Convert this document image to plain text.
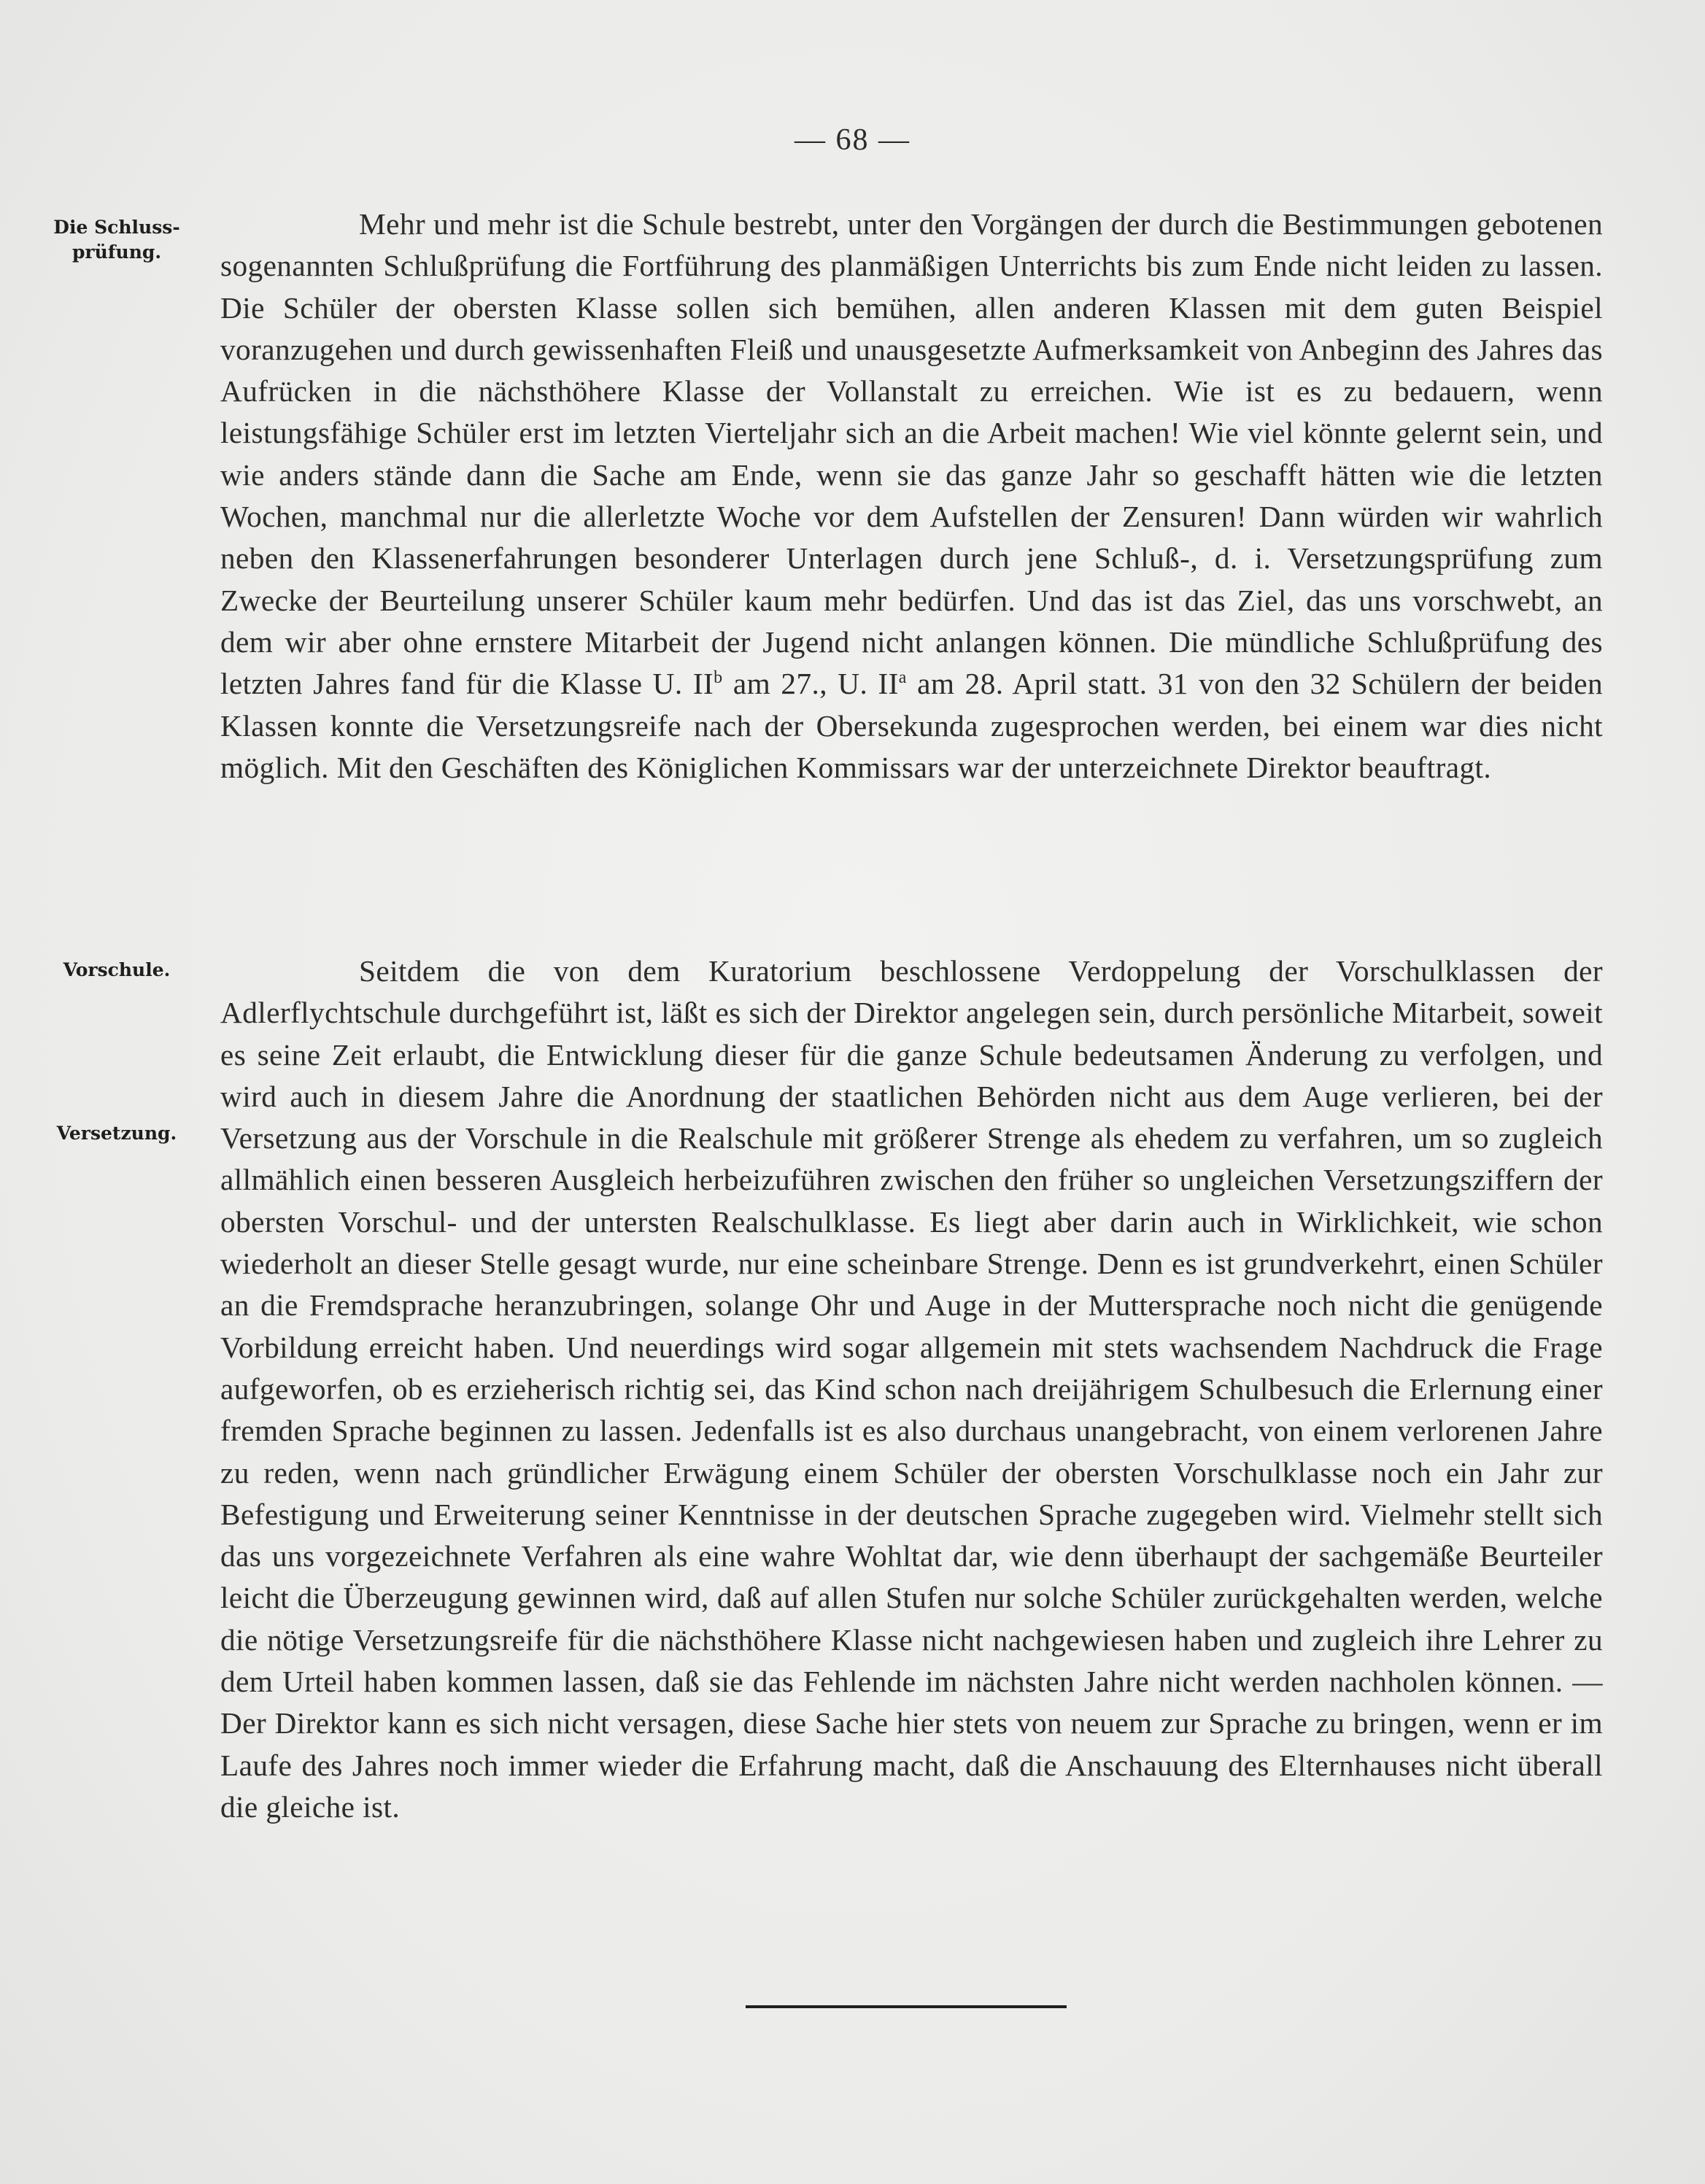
— 68 —
Die Schluss-
prüfung.
Vorschule.
Versetzung.

Mehr und mehr ist die Schule bestrebt, unter den Vorgängen der durch die Bestimmungen gebotenen sogenannten Schlußprüfung die Fortführung des planmäßigen Unterrichts bis zum Ende nicht leiden zu lassen. Die Schüler der obersten Klasse sollen sich bemühen, allen anderen Klassen mit dem guten Beispiel voranzugehen und durch gewissenhaften Fleiß und unausgesetzte Aufmerksamkeit von Anbeginn des Jahres das Aufrücken in die nächsthöhere Klasse der Vollanstalt zu erreichen. Wie ist es zu bedauern, wenn leistungsfähige Schüler erst im letzten Vierteljahr sich an die Arbeit machen! Wie viel könnte gelernt sein, und wie anders stände dann die Sache am Ende, wenn sie das ganze Jahr so geschafft hätten wie die letzten Wochen, manchmal nur die allerletzte Woche vor dem Aufstellen der Zensuren! Dann würden wir wahrlich neben den Klassenerfahrungen besonderer Unterlagen durch jene Schluß-, d. i. Versetzungsprüfung zum Zwecke der Beurteilung unserer Schüler kaum mehr bedürfen. Und das ist das Ziel, das uns vorschwebt, an dem wir aber ohne ernstere Mitarbeit der Jugend nicht anlangen können. Die mündliche Schlußprüfung des letzten Jahres fand für die Klasse U. $II^b$ am 27., U. $II^a$ am 28. April statt. 31 von den 32 Schülern der beiden Klassen konnte die Versetzungsreife nach der Obersekunda zugesprochen werden, bei einem war dies nicht möglich. Mit den Geschäften des Königlichen Kommissars war der unterzeichnete Direktor beauftragt.

Seitdem die von dem Kuratorium beschlossene Verdoppelung der Vorschulklassen der Adlerflychtschule durchgeführt ist, läßt es sich der Direktor angelegen sein, durch persönliche Mitarbeit, soweit es seine Zeit erlaubt, die Entwicklung dieser für die ganze Schule bedeutsamen Änderung zu verfolgen, und wird auch in diesem Jahre die Anordnung der staatlichen Behörden nicht aus dem Auge verlieren, bei der Versetzung aus der Vorschule in die Realschule mit größerer Strenge als ehedem zu verfahren, um so zugleich allmählich einen besseren Ausgleich herbeizuführen zwischen den früher so ungleichen Versetzungsziffern der obersten Vorschul- und der untersten Realschulklasse. Es liegt aber darin auch in Wirklichkeit, wie schon wiederholt an dieser Stelle gesagt wurde, nur eine scheinbare Strenge. Denn es ist grundverkehrt, einen Schüler an die Fremdsprache heranzubringen, solange Ohr und Auge in der Muttersprache noch nicht die genügende Vorbildung erreicht haben. Und neuerdings wird sogar allgemein mit stets wachsendem Nachdruck die Frage aufgeworfen, ob es erzieherisch richtig sei, das Kind schon nach dreijährigem Schulbesuch die Erlernung einer fremden Sprache beginnen zu lassen. Jedenfalls ist es also durchaus unangebracht, von einem verlorenen Jahre zu reden, wenn nach gründlicher Erwägung einem Schüler der obersten Vorschulklasse noch ein Jahr zur Befestigung und Erweiterung seiner Kenntnisse in der deutschen Sprache zugegeben wird. Vielmehr stellt sich das uns vorgezeichnete Verfahren als eine wahre Wohltat dar, wie denn überhaupt der sachgemäße Beurteiler leicht die Überzeugung gewinnen wird, daß auf allen Stufen nur solche Schüler zurückgehalten werden, welche die nötige Versetzungsreife für die nächsthöhere Klasse nicht nachgewiesen haben und zugleich ihre Lehrer zu dem Urteil haben kommen lassen, daß sie das Fehlende im nächsten Jahre nicht werden nachholen können. — Der Direktor kann es sich nicht versagen, diese Sache hier stets von neuem zur Sprache zu bringen, wenn er im Laufe des Jahres noch immer wieder die Erfahrung macht, daß die Anschauung des Elternhauses nicht überall die gleiche ist.
